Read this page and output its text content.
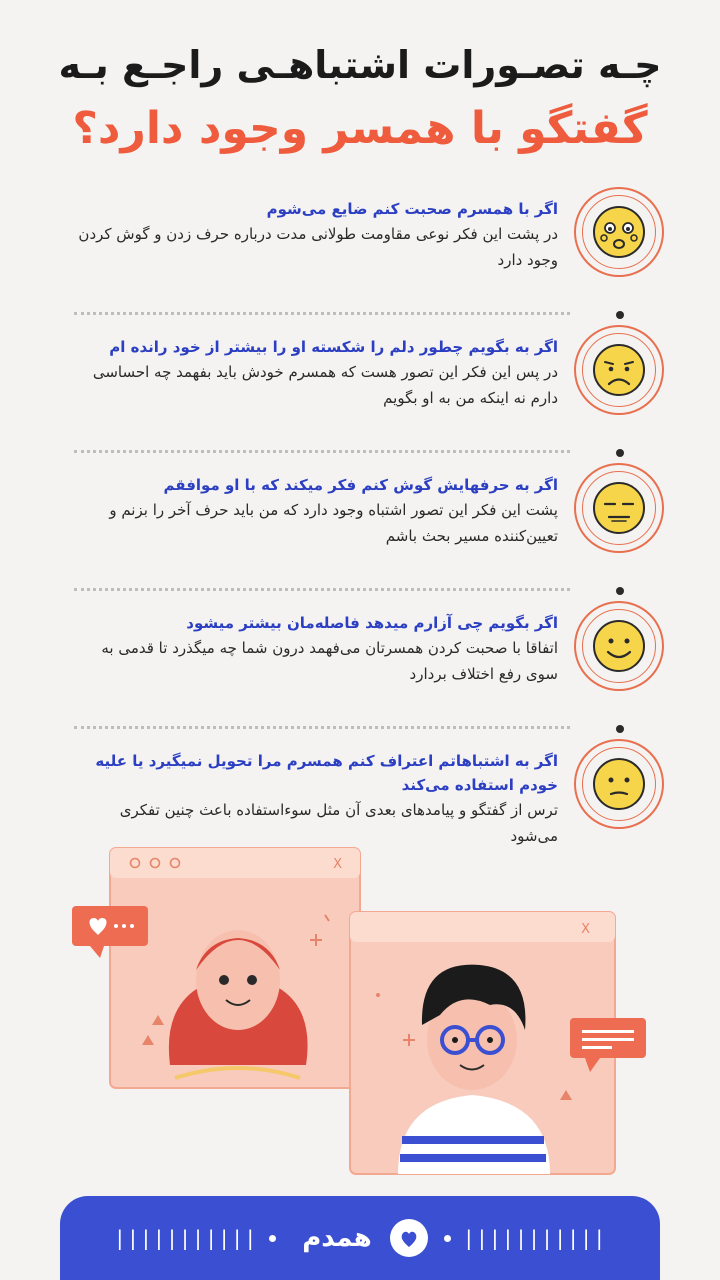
چـه تصـورات اشتباهـی راجـع بـه
گفتگو با همسر وجود دارد؟
اگر با همسرم صحبت کنم ضایع می‌شوم
در پشت این فکر نوعی مقاومت طولانی مدت درباره حرف زدن و گوش کردن وجود دارد
اگر به بگویم چطور دلم را شکسته او را بیشتر از خود رانده ام
در پس این فکر این تصور هست که همسرم خودش باید بفهمد چه احساسی دارم نه اینکه من به او بگویم
اگر به حرفهایش گوش کنم فکر میکند که با او موافقم
پشت این فکر این تصور اشتباه وجود دارد که من باید حرف آخر را بزنم و تعیین‌کننده مسیر بحث باشم
اگر بگویم چی آزارم میدهد فاصله‌مان بیشتر میشود
اتفاقا با صحبت کردن همسرتان می‌فهمد درون شما چه میگذرد تا قدمی به سوی رفع اختلاف بردارد
اگر به اشتباهاتم اعتراف کنم همسرم مرا تحویل نمیگیرد یا علیه خودم استفاده می‌کند
ترس از گفتگو و پیامدهای بعدی آن مثل سوءاستفاده باعث چنین تفکری می‌شود
X
X
|||||||||||
همدم
|||||||||||
